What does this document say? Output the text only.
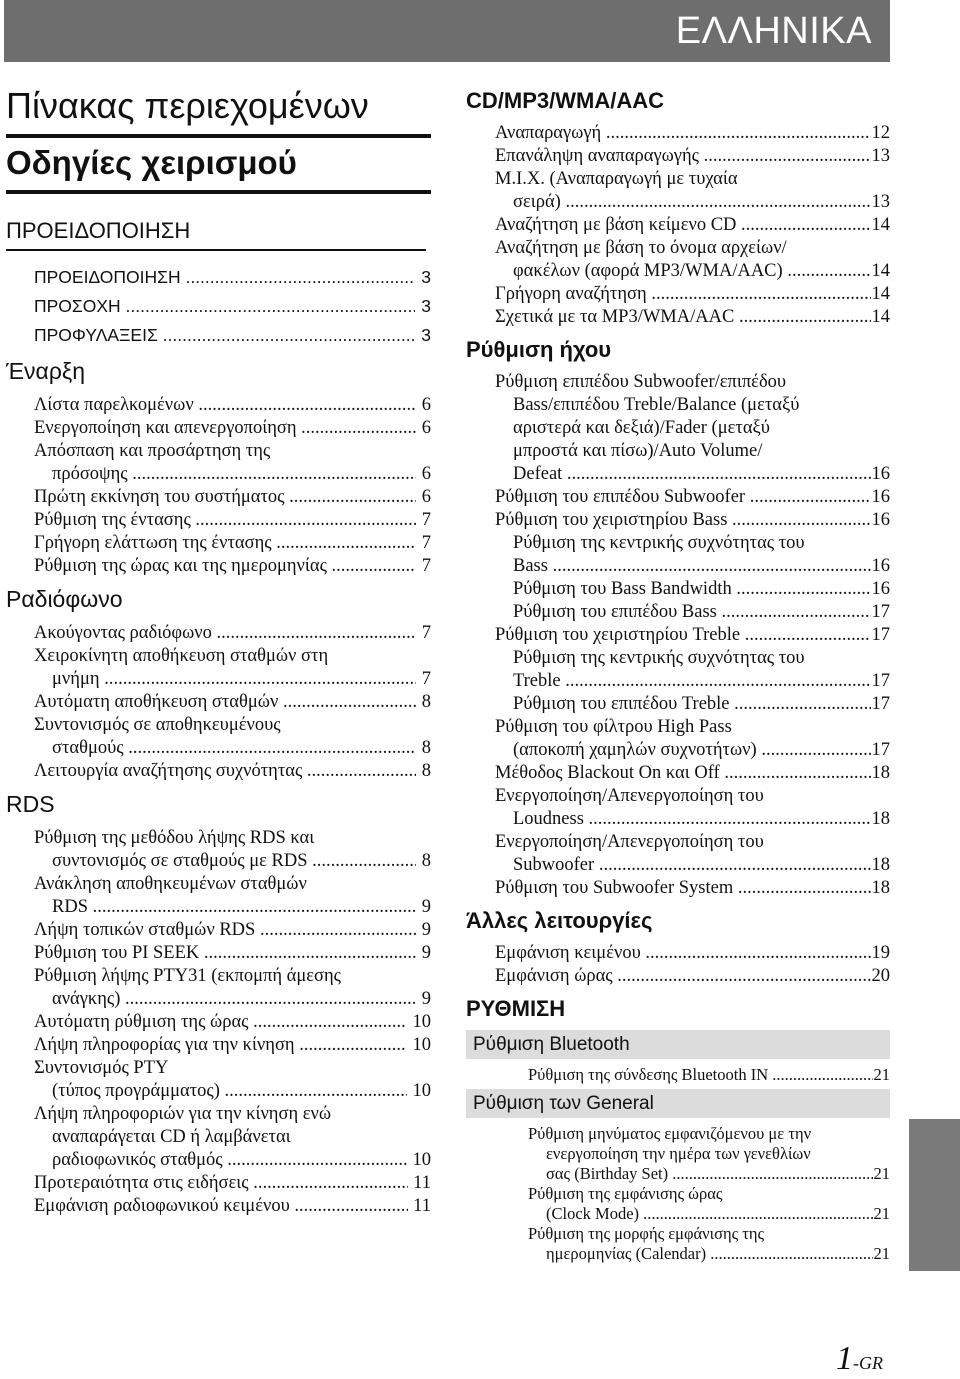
ΕΛΛΗΝΙΚΑ
Πίνακας περιεχομένων
Οδηγίες χειρισμού
ΠΡΟΕΙΔΟΠΟΙΗΣΗ
ΠΡΟΕΙΔΟΠΟΙΗΣΗ .....	3
ΠΡΟΣΟΧΗ .....	3
ΠΡΟΦΥΛΑΞΕΙΣ .....	3
Έναρξη
Λίστα παρελκομένων .....	6
Ενεργοποίηση και απενεργοποίηση .....	6
Απόσπαση και προσάρτηση της
πρόσοψης .....	6
Πρώτη εκκίνηση του συστήματος .....	6
Ρύθμιση της έντασης .....	7
Γρήγορη ελάττωση της έντασης .....	7
Ρύθμιση της ώρας και της ημερομηνίας .....	7
Ραδιόφωνο
Ακούγοντας ραδιόφωνο .....	7
Χειροκίνητη αποθήκευση σταθμών στη
μνήμη .....	7
Αυτόματη αποθήκευση σταθμών .....	8
Συντονισμός σε αποθηκευμένους
σταθμούς .....	8
Λειτουργία αναζήτησης συχνότητας .....	8
RDS
Ρύθμιση της μεθόδου λήψης RDS και
συντονισμός σε σταθμούς με RDS .....	8
Ανάκληση αποθηκευμένων σταθμών
RDS .....	9
Λήψη τοπικών σταθμών RDS .....	9
Ρύθμιση του PI SEEK .....	9
Ρύθμιση λήψης PTY31 (εκπομπή άμεσης
ανάγκης) .....	9
Αυτόματη ρύθμιση της ώρας .....	10
Λήψη πληροφορίας για την κίνηση .....	10
Συντονισμός PTY
(τύπος προγράμματος) .....	10
Λήψη πληροφοριών για την κίνηση ενώ
αναπαράγεται CD ή λαμβάνεται
ραδιοφωνικός σταθμός .....	10
Προτεραιότητα στις ειδήσεις .....	11
Εμφάνιση ραδιοφωνικού κειμένου .....	11
CD/MP3/WMA/AAC
Αναπαραγωγή .....	12
Επανάληψη αναπαραγωγής .....	13
M.I.X. (Αναπαραγωγή με τυχαία
σειρά) .....	13
Αναζήτηση με βάση κείμενο CD .....	14
Αναζήτηση με βάση το όνομα αρχείων/
φακέλων (αφορά MP3/WMA/AAC) .....	14
Γρήγορη αναζήτηση .....	14
Σχετικά με τα MP3/WMA/AAC .....	14
Ρύθμιση ήχου
Ρύθμιση επιπέδου Subwoofer/επιπέδου
Bass/επιπέδου Treble/Balance (μεταξύ
αριστερά και δεξιά)/Fader (μεταξύ
μπροστά και πίσω)/Auto Volume/
Defeat .....	16
Ρύθμιση του επιπέδου Subwoofer .....	16
Ρύθμιση του χειριστηρίου Bass .....	16
Ρύθμιση της κεντρικής συχνότητας του
Bass .....	16
Ρύθμιση του Bass Bandwidth .....	16
Ρύθμιση του επιπέδου Bass .....	17
Ρύθμιση του χειριστηρίου Treble .....	17
Ρύθμιση της κεντρικής συχνότητας του
Treble .....	17
Ρύθμιση του επιπέδου Treble .....	17
Ρύθμιση του φίλτρου High Pass
(αποκοπή χαμηλών συχνοτήτων) .....	17
Μέθοδος Blackout On και Off .....	18
Ενεργοποίηση/Απενεργοποίηση του
Loudness .....	18
Ενεργοποίηση/Απενεργοποίηση του
Subwoofer .....	18
Ρύθμιση του Subwoofer System .....	18
Άλλες λειτουργίες
Εμφάνιση κειμένου .....	19
Εμφάνιση ώρας .....	20
ΡΥΘΜΙΣΗ
Ρύθμιση Bluetooth
Ρύθμιση της σύνδεσης Bluetooth IN .....	21
Ρύθμιση των General
Ρύθμιση μηνύματος εμφανιζόμενου με την
ενεργοποίηση την ημέρα των γενεθλίων
σας (Birthday Set) .....	21
Ρύθμιση της εμφάνισης ώρας
(Clock Mode) .....	21
Ρύθμιση της μορφής εμφάνισης της
ημερομηνίας (Calendar) .....	21
1-GR
